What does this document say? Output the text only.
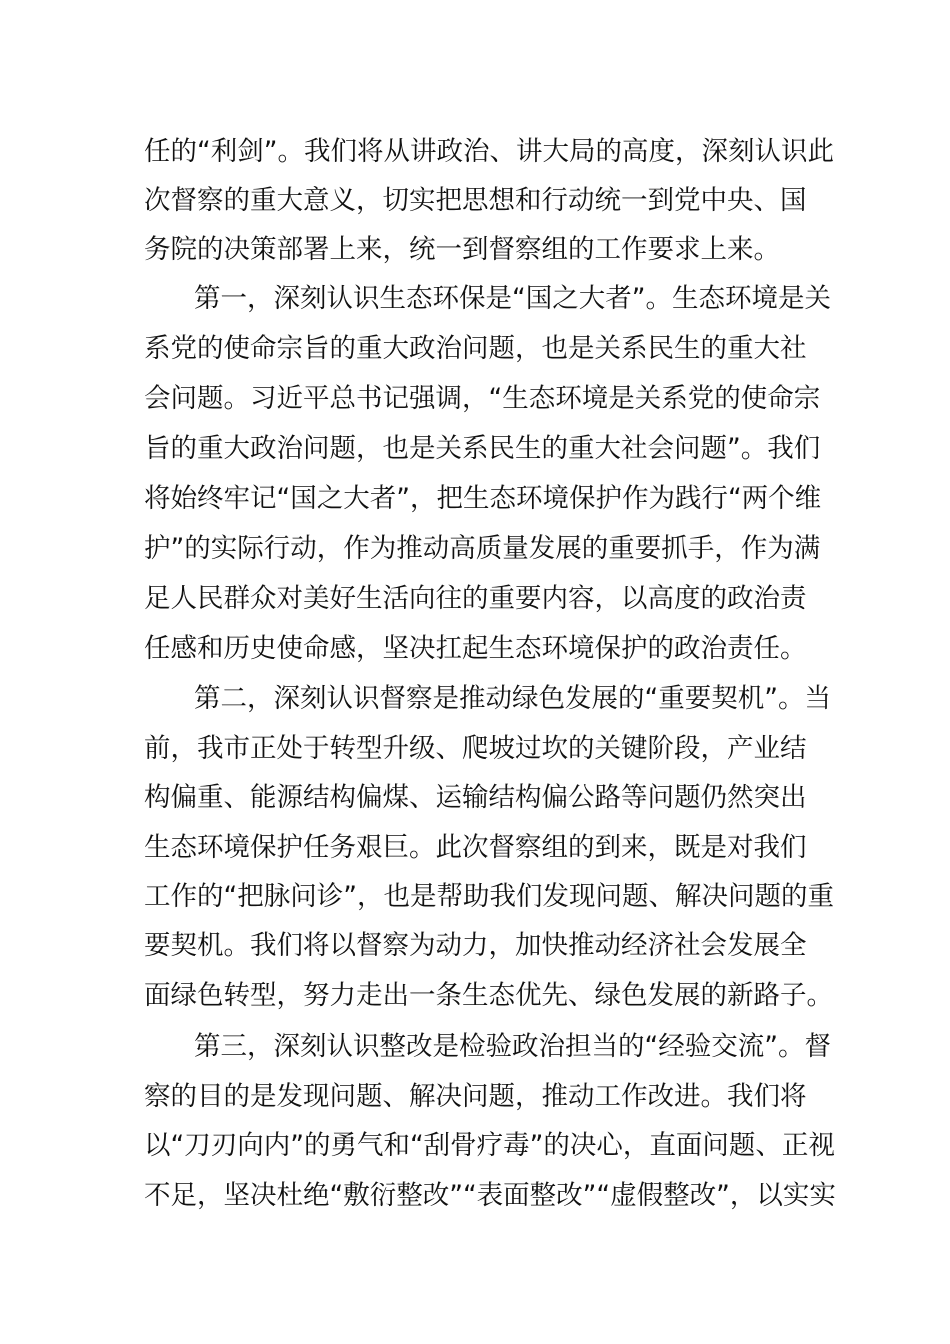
任的“利剑”。我们将从讲政治、讲大局的高度，深刻认识此
次督察的重大意义，切实把思想和行动统一到党中央、国
务院的决策部署上来，统一到督察组的工作要求上来。
第一，深刻认识生态环保是“国之大者”。生态环境是关
系党的使命宗旨的重大政治问题，也是关系民生的重大社
会问题。习近平总书记强调，“生态环境是关系党的使命宗
旨的重大政治问题，也是关系民生的重大社会问题”。我们
将始终牢记“国之大者”，把生态环境保护作为践行“两个维
护”的实际行动，作为推动高质量发展的重要抓手，作为满
足人民群众对美好生活向往的重要内容，以高度的政治责
任感和历史使命感，坚决扛起生态环境保护的政治责任。
第二，深刻认识督察是推动绿色发展的“重要契机”。当
前，我市正处于转型升级、爬坡过坎的关键阶段，产业结
构偏重、能源结构偏煤、运输结构偏公路等问题仍然突出
生态环境保护任务艰巨。此次督察组的到来，既是对我们
工作的“把脉问诊”，也是帮助我们发现问题、解决问题的重
要契机。我们将以督察为动力，加快推动经济社会发展全
面绿色转型，努力走出一条生态优先、绿色发展的新路子。
第三，深刻认识整改是检验政治担当的“经验交流”。督
察的目的是发现问题、解决问题，推动工作改进。我们将
以“刀刃向内”的勇气和“刮骨疗毒”的决心，直面问题、正视
不足，坚决杜绝“敷衍整改”“表面整改”“虚假整改”，以实实
